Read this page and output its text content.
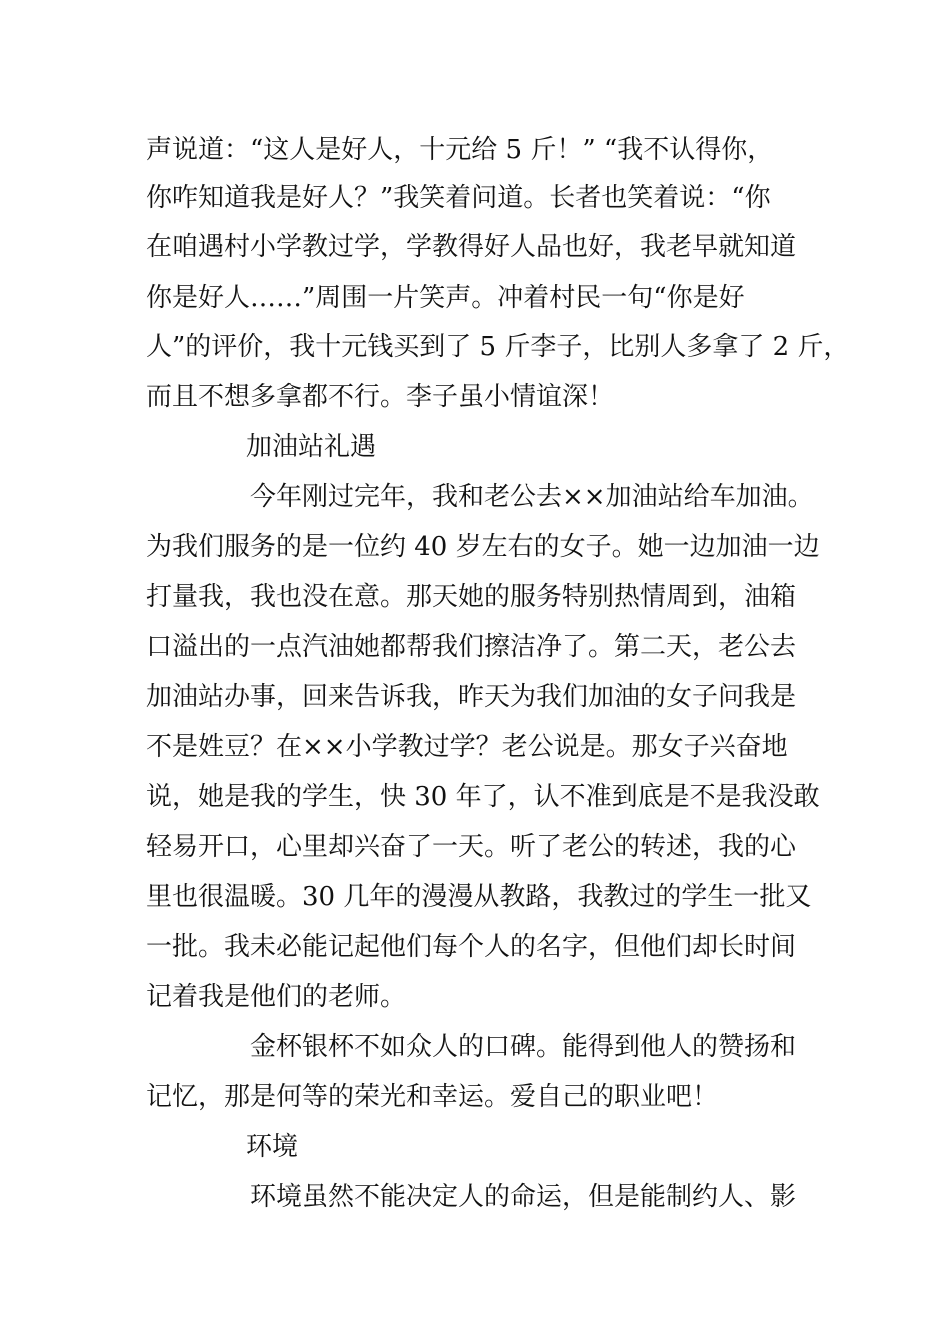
声说道：“这人是好人，十元给 5 斤！” “我不认得你，
你咋知道我是好人？”我笑着问道。长者也笑着说：“你
在咱遇村小学教过学，学教得好人品也好，我老早就知道
你是好人……”周围一片笑声。冲着村民一句“你是好
人”的评价，我十元钱买到了 5 斤李子，比别人多拿了 2 斤，
而且不想多拿都不行。李子虽小情谊深！
加油站礼遇
今年刚过完年，我和老公去××加油站给车加油。
为我们服务的是一位约 40 岁左右的女子。她一边加油一边
打量我，我也没在意。那天她的服务特别热情周到，油箱
口溢出的一点汽油她都帮我们擦洁净了。第二天，老公去
加油站办事，回来告诉我，昨天为我们加油的女子问我是
不是姓豆？在××小学教过学？老公说是。那女子兴奋地
说，她是我的学生，快 30 年了，认不准到底是不是我没敢
轻易开口，心里却兴奋了一天。听了老公的转述，我的心
里也很温暖。30 几年的漫漫从教路，我教过的学生一批又
一批。我未必能记起他们每个人的名字，但他们却长时间
记着我是他们的老师。
金杯银杯不如众人的口碑。能得到他人的赞扬和
记忆，那是何等的荣光和幸运。爱自己的职业吧！
环境
环境虽然不能决定人的命运，但是能制约人、影
